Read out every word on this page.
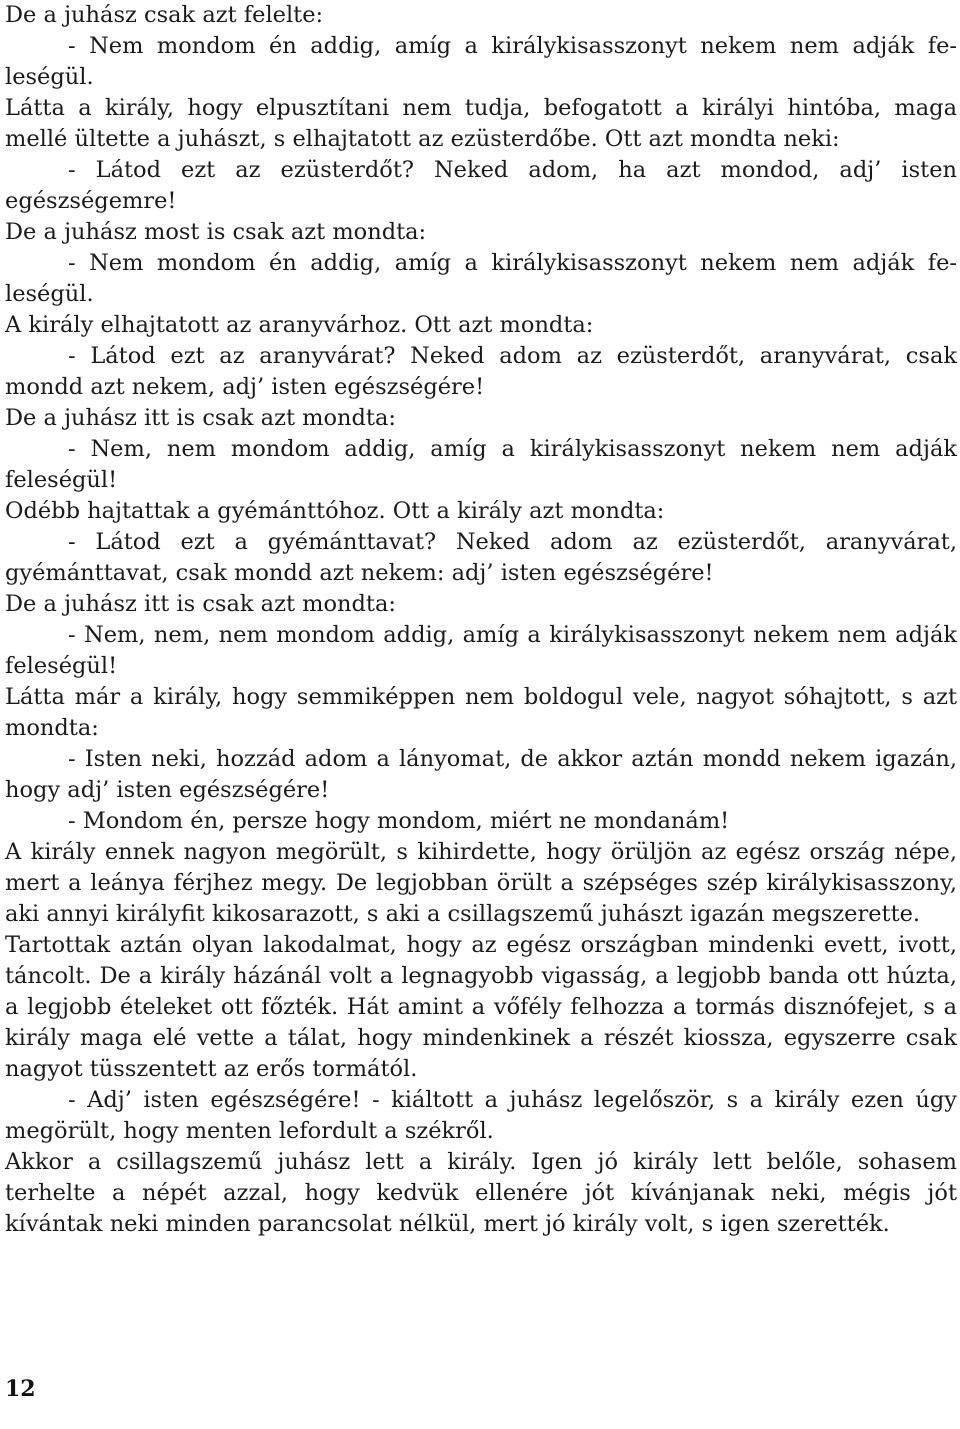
De a juhász csak azt felelte:

- Nem mondom én addig, amíg a királykisasszonyt nekem nem adják feleségül.

Látta a király, hogy elpusztítani nem tudja, befogatott a királyi hintóba, maga mellé ültette a juhászt, s elhajtatott az ezüsterdőbe. Ott azt mondta neki:

- Látod ezt az ezüsterdőt? Neked adom, ha azt mondod, adj’ isten egészségemre!

De a juhász most is csak azt mondta:

- Nem mondom én addig, amíg a királykisasszonyt nekem nem adják feleségül.

A király elhajtatott az aranyvárhoz. Ott azt mondta:

- Látod ezt az aranyvárat? Neked adom az ezüsterdőt, aranyvárat, csak mondd azt nekem, adj’ isten egészségére!

De a juhász itt is csak azt mondta:

- Nem, nem mondom addig, amíg a királykisasszonyt nekem nem adják feleségül!

Odébb hajtattak a gyémánttóhoz. Ott a király azt mondta:

- Látod ezt a gyémánttavat? Neked adom az ezüsterdőt, aranyvárat, gyémánttavat, csak mondd azt nekem: adj’ isten egészségére!

De a juhász itt is csak azt mondta:

- Nem, nem, nem mondom addig, amíg a királykisasszonyt nekem nem adják feleségül!

Látta már a király, hogy semmiképpen nem boldogul vele, nagyot sóhajtott, s azt mondta:

- Isten neki, hozzád adom a lányomat, de akkor aztán mondd nekem igazán, hogy adj’ isten egészségére!

- Mondom én, persze hogy mondom, miért ne mondanám!

A király ennek nagyon megörült, s kihirdette, hogy örüljön az egész ország népe, mert a leánya férjhez megy. De legjobban örült a szépséges szép királykisasszony, aki annyi királyfit kikosarazott, s aki a csillagszemű juhászt igazán megszerette.

Tartottak aztán olyan lakodalmat, hogy az egész országban mindenki evett, ivott, táncolt. De a király házánál volt a legnagyobb vigasság, a legjobb banda ott húzta, a legjobb ételeket ott főzték. Hát amint a vőfély felhozza a tormás disznófejet, s a király maga elé vette a tálat, hogy mindenkinek a részét kiossza, egyszerre csak nagyot tüsszentett az erős tormától.

- Adj’ isten egészségére! - kiáltott a juhász legelőször, s a király ezen úgy megörült, hogy menten lefordult a székről.

Akkor a csillagszemű juhász lett a király. Igen jó király lett belőle, sohasem terhelte a népét azzal, hogy kedvük ellenére jót kívánjanak neki, mégis jót kívántak neki minden parancsolat nélkül, mert jó király volt, s igen szerették.

12
